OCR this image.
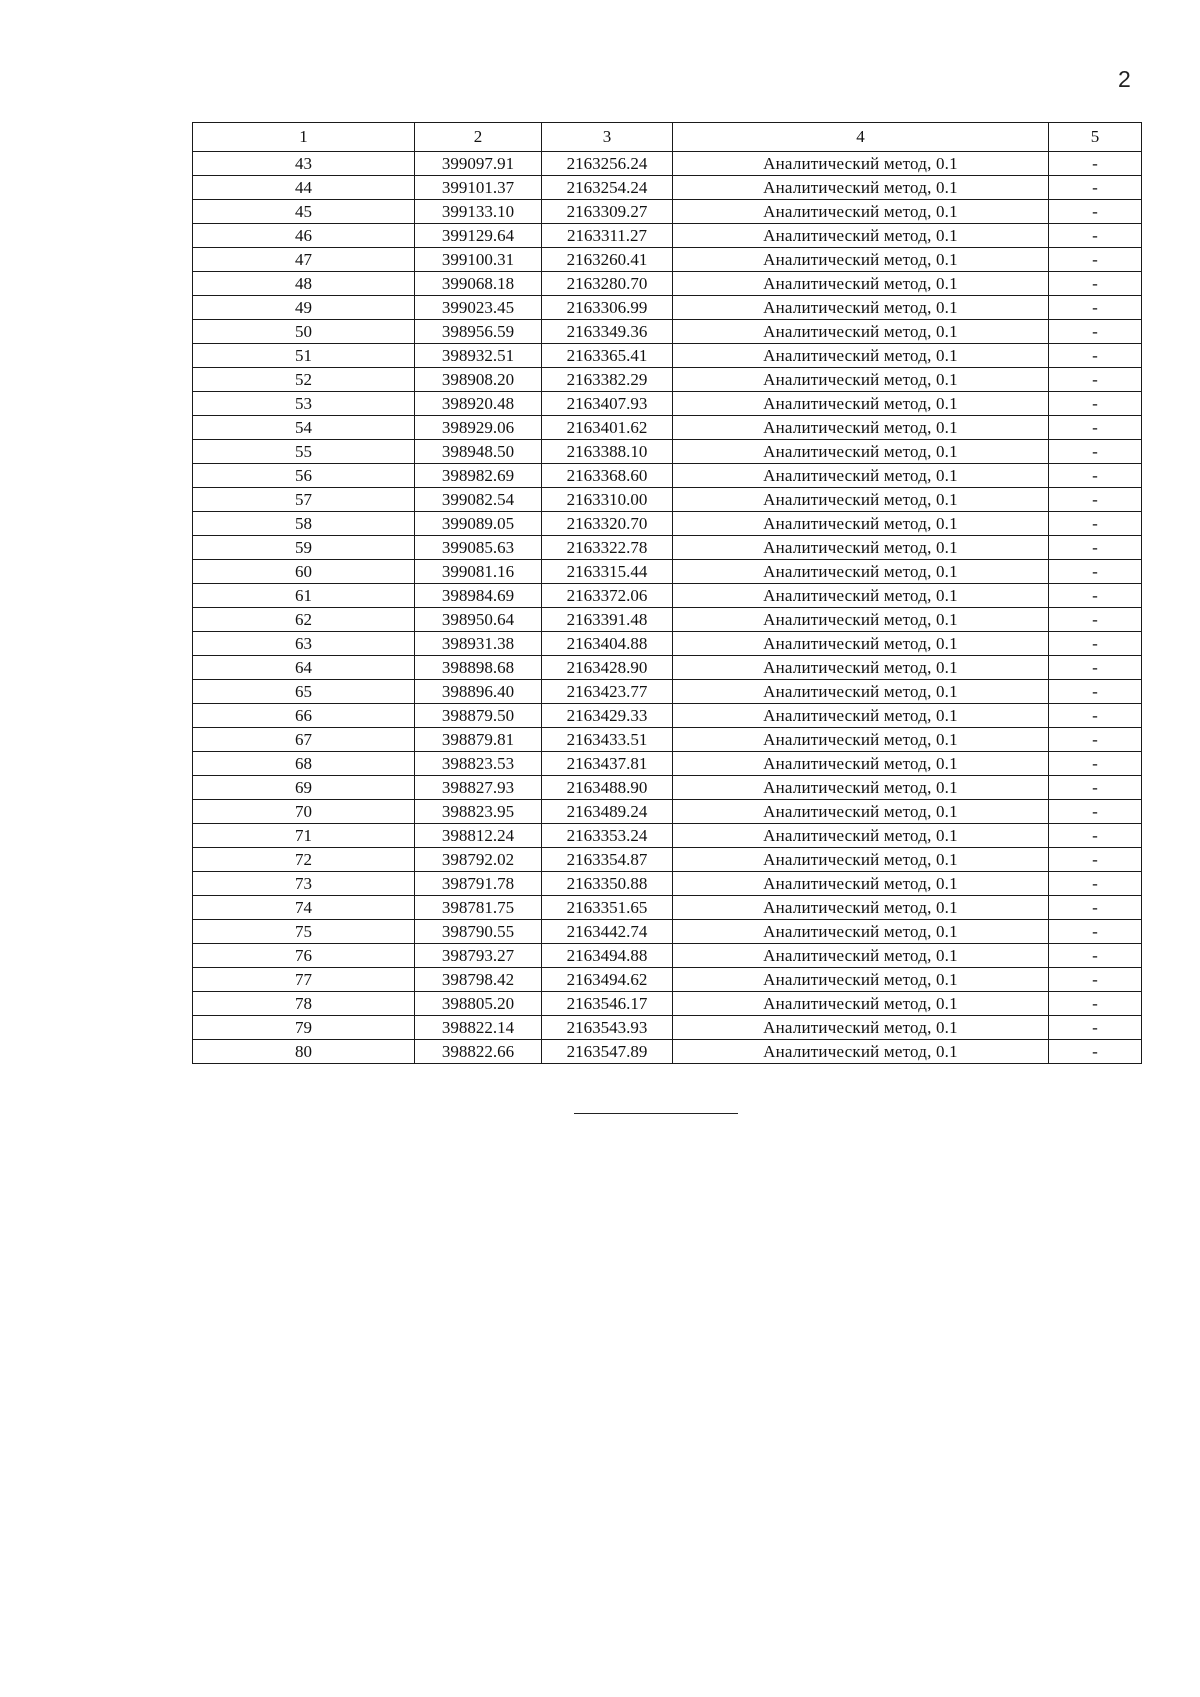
2
1	2	3	4	5
43	399097.91	2163256.24	Аналитический метод, 0.1	-
44	399101.37	2163254.24	Аналитический метод, 0.1	-
45	399133.10	2163309.27	Аналитический метод, 0.1	-
46	399129.64	2163311.27	Аналитический метод, 0.1	-
47	399100.31	2163260.41	Аналитический метод, 0.1	-
48	399068.18	2163280.70	Аналитический метод, 0.1	-
49	399023.45	2163306.99	Аналитический метод, 0.1	-
50	398956.59	2163349.36	Аналитический метод, 0.1	-
51	398932.51	2163365.41	Аналитический метод, 0.1	-
52	398908.20	2163382.29	Аналитический метод, 0.1	-
53	398920.48	2163407.93	Аналитический метод, 0.1	-
54	398929.06	2163401.62	Аналитический метод, 0.1	-
55	398948.50	2163388.10	Аналитический метод, 0.1	-
56	398982.69	2163368.60	Аналитический метод, 0.1	-
57	399082.54	2163310.00	Аналитический метод, 0.1	-
58	399089.05	2163320.70	Аналитический метод, 0.1	-
59	399085.63	2163322.78	Аналитический метод, 0.1	-
60	399081.16	2163315.44	Аналитический метод, 0.1	-
61	398984.69	2163372.06	Аналитический метод, 0.1	-
62	398950.64	2163391.48	Аналитический метод, 0.1	-
63	398931.38	2163404.88	Аналитический метод, 0.1	-
64	398898.68	2163428.90	Аналитический метод, 0.1	-
65	398896.40	2163423.77	Аналитический метод, 0.1	-
66	398879.50	2163429.33	Аналитический метод, 0.1	-
67	398879.81	2163433.51	Аналитический метод, 0.1	-
68	398823.53	2163437.81	Аналитический метод, 0.1	-
69	398827.93	2163488.90	Аналитический метод, 0.1	-
70	398823.95	2163489.24	Аналитический метод, 0.1	-
71	398812.24	2163353.24	Аналитический метод, 0.1	-
72	398792.02	2163354.87	Аналитический метод, 0.1	-
73	398791.78	2163350.88	Аналитический метод, 0.1	-
74	398781.75	2163351.65	Аналитический метод, 0.1	-
75	398790.55	2163442.74	Аналитический метод, 0.1	-
76	398793.27	2163494.88	Аналитический метод, 0.1	-
77	398798.42	2163494.62	Аналитический метод, 0.1	-
78	398805.20	2163546.17	Аналитический метод, 0.1	-
79	398822.14	2163543.93	Аналитический метод, 0.1	-
80	398822.66	2163547.89	Аналитический метод, 0.1	-
